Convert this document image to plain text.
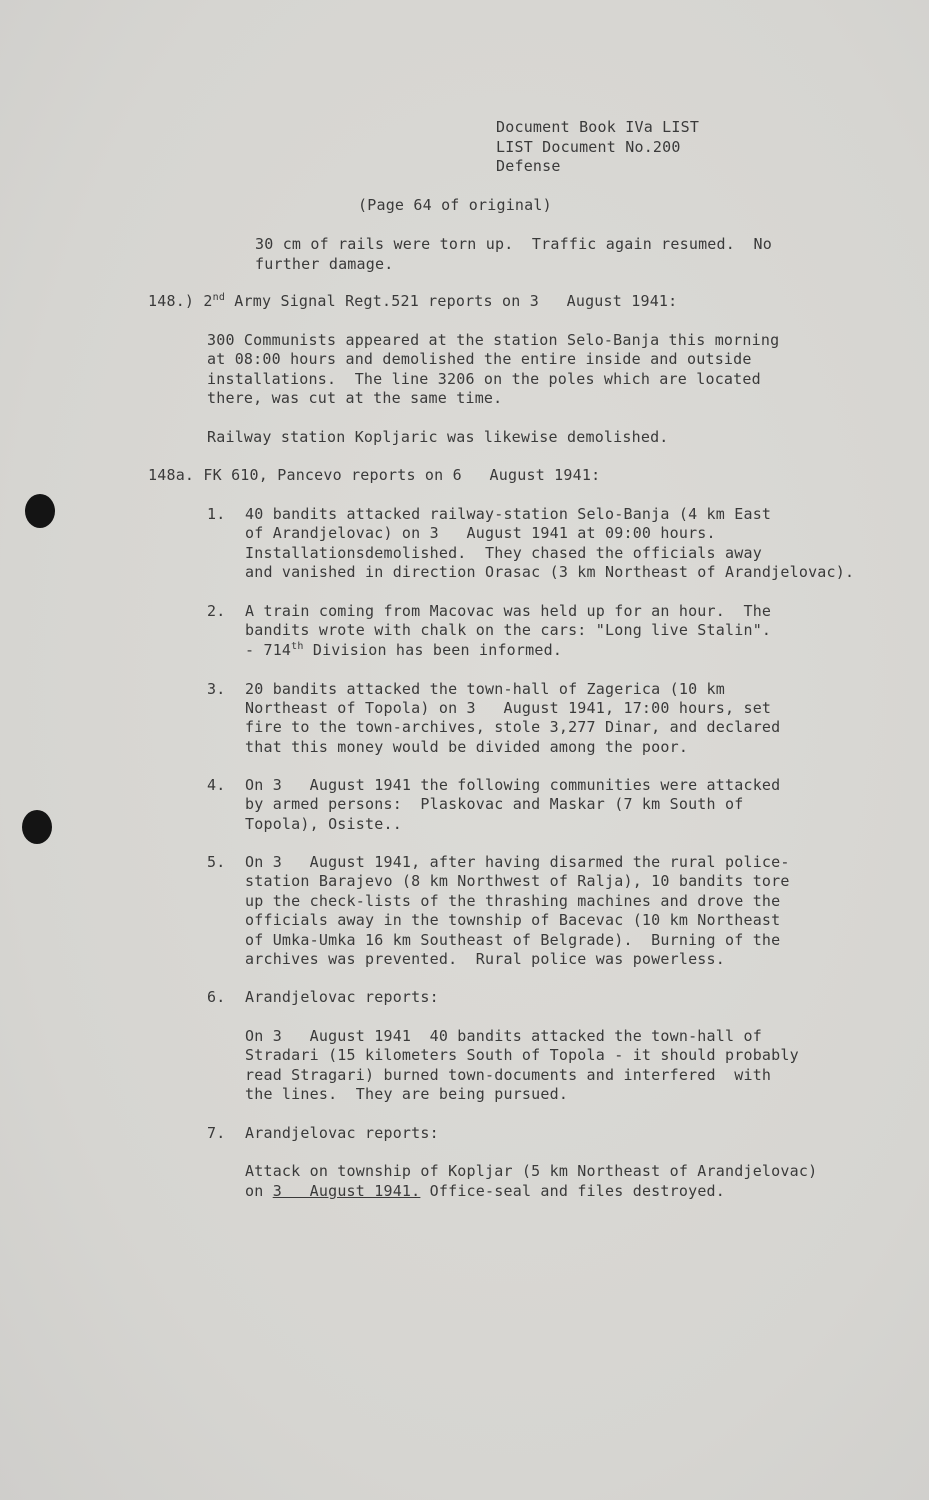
Document Book IVa LIST
LIST Document No.200
Defense
(Page 64 of original)
30 cm of rails were torn up.  Traffic again resumed.  No
further damage.
148.) 2nd Army Signal Regt.521 reports on 3   August 1941:
300 Communists appeared at the station Selo-Banja this morning
at 08:00 hours and demolished the entire inside and outside
installations.  The line 3206 on the poles which are located
there, was cut at the same time.
Railway station Kopljaric was likewise demolished.
148a. FK 610, Pancevo reports on 6   August 1941:
1. 40 bandits attacked railway-station Selo-Banja (4 km East
of Arandjelovac) on 3   August 1941 at 09:00 hours.
Installationsdemolished.  They chased the officials away
and vanished in direction Orasac (3 km Northeast of Arandjelovac).
2. A train coming from Macovac was held up for an hour.  The
bandits wrote with chalk on the cars: "Long live Stalin".
- 714th Division has been informed.
3. 20 bandits attacked the town-hall of Zagerica (10 km
Northeast of Topola) on 3   August 1941, 17:00 hours, set
fire to the town-archives, stole 3,277 Dinar, and declared
that this money would be divided among the poor.
4. On 3   August 1941 the following communities were attacked
by armed persons:  Plaskovac and Maskar (7 km South of
Topola), Osiste..
5. On 3   August 1941, after having disarmed the rural police-
station Barajevo (8 km Northwest of Ralja), 10 bandits tore
up the check-lists of the thrashing machines and drove the
officials away in the township of Bacevac (10 km Northeast
of Umka-Umka 16 km Southeast of Belgrade).  Burning of the
archives was prevented.  Rural police was powerless.
6. Arandjelovac reports:
On 3   August 1941  40 bandits attacked the town-hall of
Stradari (15 kilometers South of Topola - it should probably
read Stragari) burned town-documents and interfered  with
the lines.  They are being pursued.
7. Arandjelovac reports:
Attack on township of Kopljar (5 km Northeast of Arandjelovac)
on 3   August 1941. Office-seal and files destroyed.
